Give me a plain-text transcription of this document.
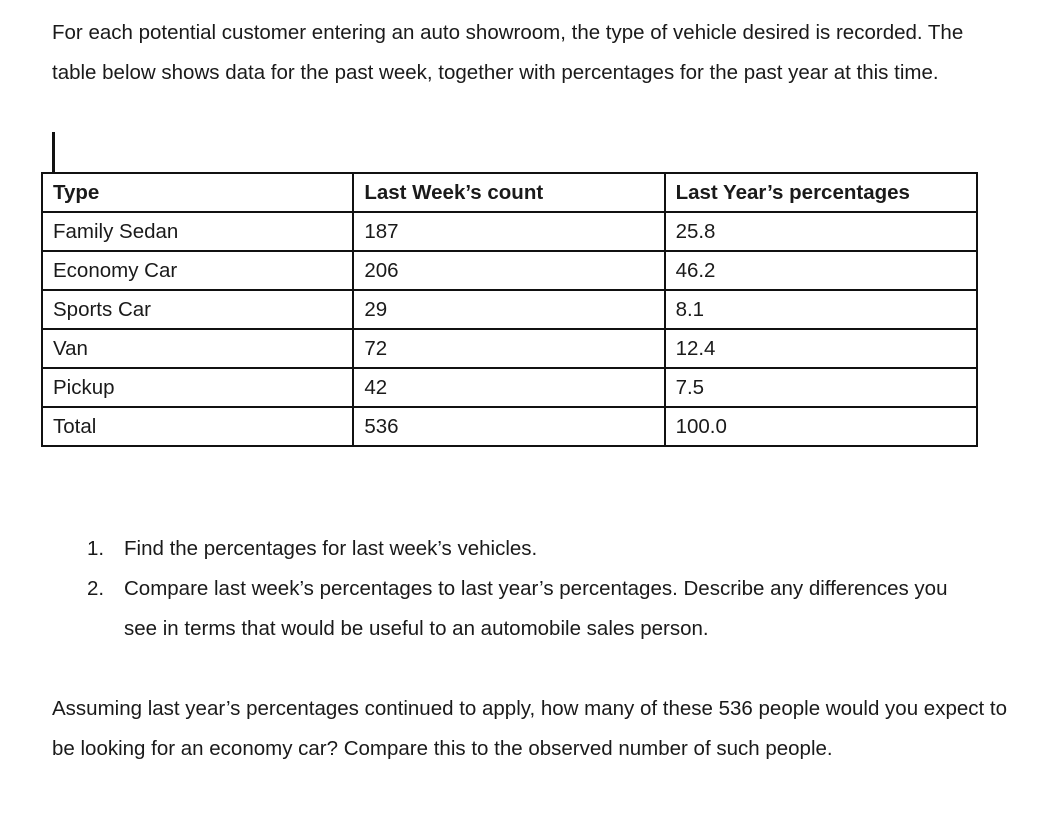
For each potential customer entering an auto showroom, the type of vehicle desired is recorded. The table below shows data for the past week, together with percentages for the past year at this time.

Type	Last Week’s count	Last Year’s percentages
Family Sedan	187	25.8
Economy Car	206	46.2
Sports Car	29	8.1
Van	72	12.4
Pickup	42	7.5
Total	536	100.0
1. Find the percentages for last week’s vehicles.
2. Compare last week’s percentages to last year’s percentages. Describe any differences you see in terms that would be useful to an automobile sales person.

Assuming last year’s percentages continued to apply, how many of these 536 people would you expect to be looking for an economy car? Compare this to the observed number of such people.
